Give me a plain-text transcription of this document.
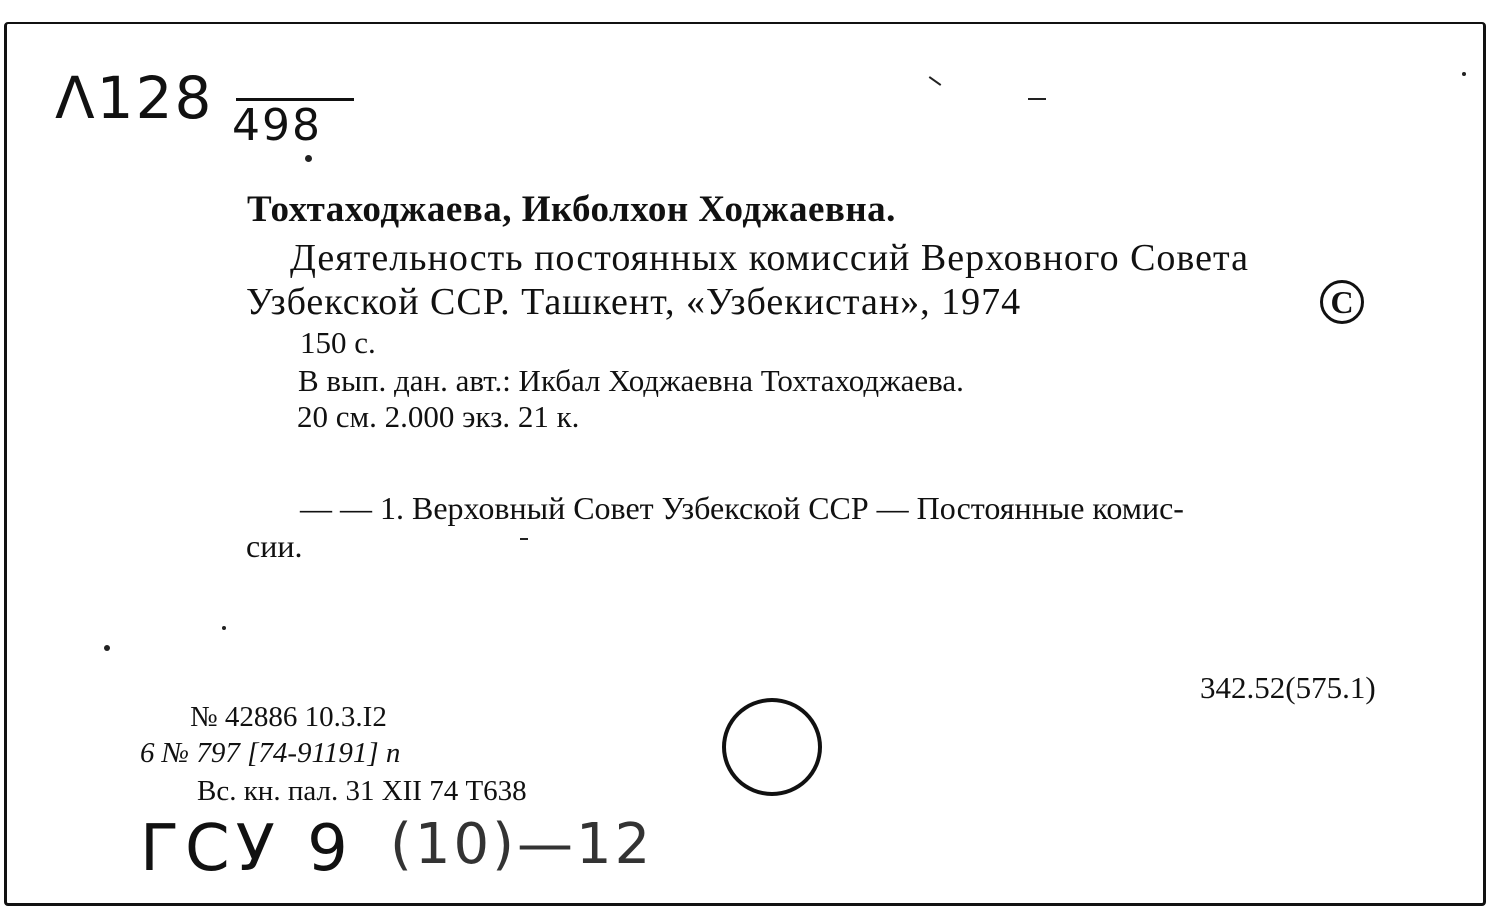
Λ128 498
Тохтаходжаева, Икболхон Ходжаевна.
Деятельность постоянных комиссий Верховного Совета
Узбекской ССР. Ташкент, «Узбекистан», 1974	C
150 с.
В вып. дан. авт.: Икбал Ходжаевна Тохтаходжаева.
20 см. 2.000 экз. 21 к.
— — 1. Верховный Совет Узбекской ССР — Постоянные комис-
сии.
342.52(575.1)
№ 42886 10.3.I2
6 № 797 [74-91191] п
Вс. кн. пал. 31 XII 74 Т638
ГСУ 9 (10)—12
